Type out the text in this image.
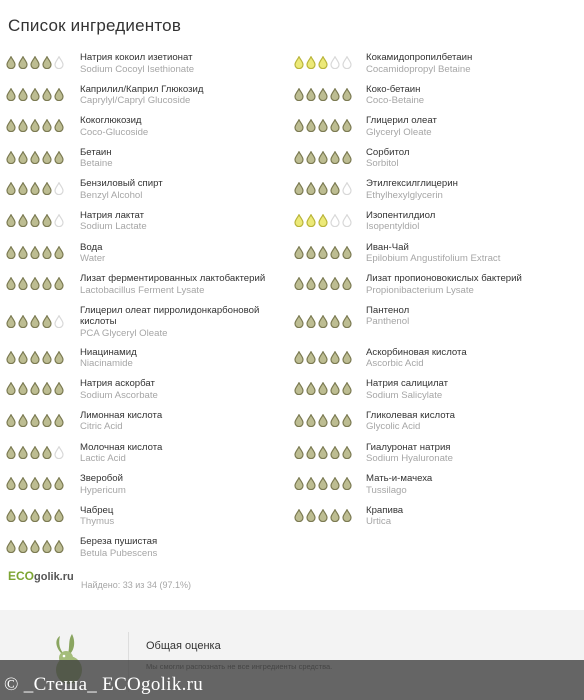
Список ингредиентов
Натрия кокоил изетионат
Sodium Cocoyl Isethionate
Каприлил/Каприл Глюкозид
Caprylyl/Capryl Glucoside
Кокоглюкозид
Coco-Glucoside
Бетаин
Betaine
Бензиловый спирт
Benzyl Alcohol
Натрия лактат
Sodium Lactate
Вода
Water
Лизат ферментированных лактобактерий
Lactobacillus Ferment Lysate
Глицерил олеат пирролидонкарбоновой кислоты
PCA Glyceryl Oleate
Ниацинамид
Niacinamide
Натрия аскорбат
Sodium Ascorbate
Лимонная кислота
Citric Acid
Молочная кислота
Lactic Acid
Зверобой
Hypericum
Чабрец
Thymus
Береза пушистая
Betula Pubescens
Кокамидопропилбетаин
Cocamidopropyl Betaine
Коко-бетаин
Coco-Betaine
Глицерил олеат
Glyceryl Oleate
Сорбитол
Sorbitol
Этилгексилглицерин
Ethylhexylglycerin
Изопентилдиол
Isopentyldiol
Иван-Чай
Epilobium Angustifolium Extract
Лизат пропионовокислых бактерий
Propionibacterium Lysate
Пантенол
Panthenol
Аскорбиновая кислота
Ascorbic Acid
Натрия салицилат
Sodium Salicylate
Гликолевая кислота
Glycolic Acid
Гиалуронат натрия
Sodium Hyaluronate
Мать-и-мачеха
Tussilago
Крапива
Urtica
ECOgolik.ru
Найдено: 33 из 34 (97.1%)
Общая оценка
© _Стеша_ ECOgolik.ru
